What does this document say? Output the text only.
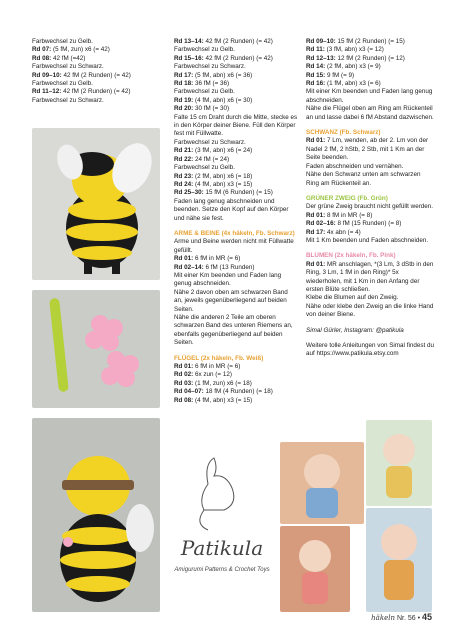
Farbwechsel zu Gelb.

Rd 07: (5 fM, zun) x6 (= 42)

Rd 08: 42 fM (=42)

Farbwechsel zu Schwarz.

Rd 09–10: 42 fM (2 Runden) (= 42)

Farbwechsel zu Gelb.

Rd 11–12: 42 fM (2 Runden) (= 42)

Farbwechsel zu Schwarz.

Rd 13–14: 42 fM (2 Runden) (= 42)

Farbwechsel zu Gelb.

Rd 15–16: 42 fM (2 Runden) (= 42)

Farbwechsel zu Schwarz.

Rd 17: (5 fM, abn) x6 (= 36)

Rd 18: 36 fM (= 36)

Farbwechsel zu Gelb.

Rd 19: (4 fM, abn) x6 (= 30)

Rd 20: 30 fM (= 30)

Falte 15 cm Draht durch die Mitte, stecke es in den Körper deiner Biene. Füll den Körper fest mit Füllwatte.

Farbwechsel zu Schwarz.

Rd 21: (3 fM, abn) x6 (= 24)

Rd 22: 24 fM (= 24)

Farbwechsel zu Gelb.

Rd 23: (2 fM, abn) x6 (= 18)

Rd 24: (4 fM, abn) x3 (= 15)

Rd 25–30: 15 fM (6 Runden) (= 15)

Faden lang genug abschneiden und beenden. Setze den Kopf auf den Körper und nähe sie fest.

ARME & BEINE (4x häkeln, Fb. Schwarz)

Arme und Beine werden nicht mit Füllwatte gefüllt.

Rd 01: 6 fM in MR (= 6)

Rd 02–14: 6 fM (13 Runden)

Mit einer Km beenden und Faden lang genug abschneiden.

Nähe 2 davon oben am schwarzen Band an, jeweils gegenüberliegend auf beiden Seiten.

Nähe die anderen 2 Teile am oberen schwarzen Band des unteren Riemens an, ebenfalls gegenüberliegend auf beiden Seiten.

FLÜGEL (2x häkeln, Fb. Weiß)

Rd 01: 6 fM in MR (= 6)

Rd 02: 6x zun (= 12)

Rd 03: (1 fM, zun) x6 (= 18)

Rd 04–07: 18 fM (4 Runden) (= 18)

Rd 08: (4 fM, abn) x3 (= 15)

Rd 09–10: 15 fM (2 Runden) (= 15)

Rd 11: (3 fM, abn) x3 (= 12)

Rd 12–13: 12 fM (2 Runden) (= 12)

Rd 14: (2 fM, abn) x3 (= 9)

Rd 15: 9 fM (= 9)

Rd 16: (1 fM, abn) x3 (= 6)

Mit einer Km beenden und Faden lang genug abschneiden.

Nähe die Flügel oben am Ring am Rückenteil an und lasse dabei 6 fM Abstand dazwischen.

SCHWANZ (Fb. Schwarz)

Rd 01: 7 Lm, wenden, ab der 2. Lm von der Nadel 2 fM, 2 hStb, 2 Stb, mit 1 Km an der Seite beenden.

Faden abschneiden und vernähen.

Nähe den Schwanz unten am schwarzen Ring am Rückenteil an.

GRÜNER ZWEIG (Fb. Grün)

Der grüne Zweig braucht nicht gefüllt werden.

Rd 01: 8 fM in MR (= 8)

Rd 02–16: 8 fM (15 Runden) (= 8)

Rd 17: 4x abn (= 4)

Mit 1 Km beenden und Faden abschneiden.

BLUMEN (2x häkeln, Fb. Pink)

Rd 01: MR anschlagen, *(3 Lm, 3 dStb in den Ring, 3 Lm, 1 fM in den Ring)* 5x wiederholen, mit 1 Km in den Anfang der ersten Blüte schließen.

Klebe die Blumen auf den Zweig.

Nähe oder klebe den Zweig an die linke Hand von deiner Biene.

Simal Gürler, Instagram: @patikula

Weitere tolle Anleitungen von Simal findest du auf https://www.patikula.etsy.com

Patikula
Amigurumi Patterns & Crochet Toys
häkeln Nr. 56 • 45
